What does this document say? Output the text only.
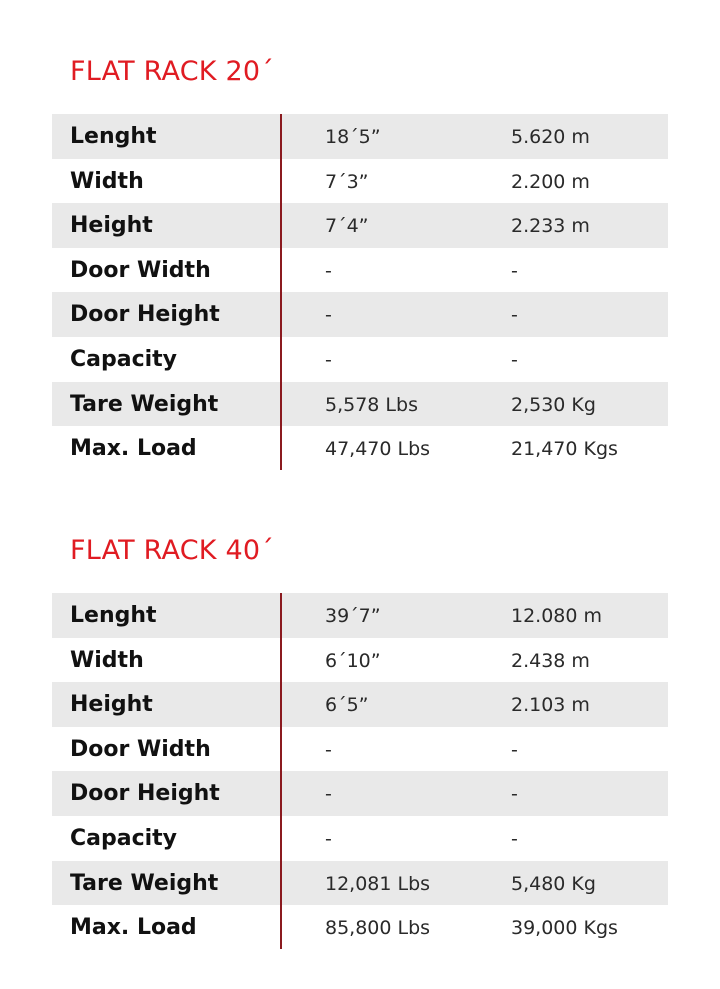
FLAT RACK 20´
Lenght	18´5”	5.620 m
Width	7´3”	2.200 m
Height	7´4”	2.233 m
Door Width	-	-
Door Height	-	-
Capacity	-	-
Tare Weight	5,578 Lbs	2,530 Kg
Max. Load	47,470 Lbs	21,470 Kgs
FLAT RACK 40´
Lenght	39´7”	12.080 m
Width	6´10”	2.438 m
Height	6´5”	2.103 m
Door Width	-	-
Door Height	-	-
Capacity	-	-
Tare Weight	12,081 Lbs	5,480 Kg
Max. Load	85,800 Lbs	39,000 Kgs
